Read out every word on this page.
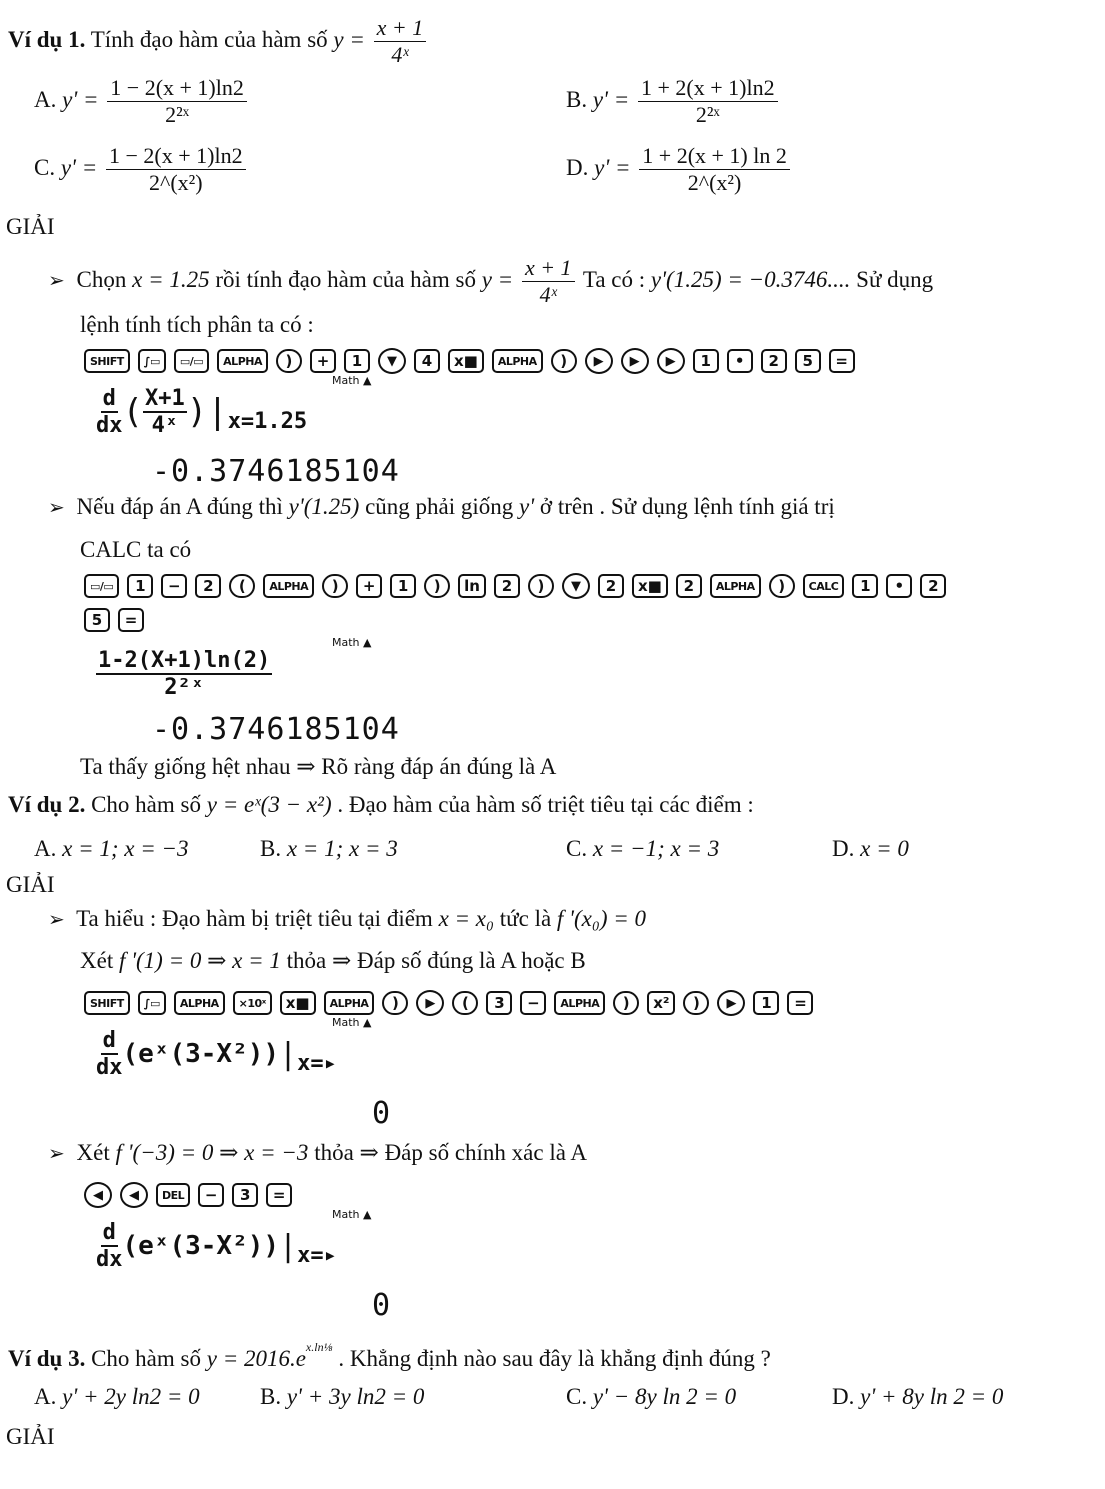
Ví dụ 1. Tính đạo hàm của hàm số $y = \frac{x + 1}{\text{4ˣ}}$
A. $y' = \frac{1 - 2(x + 1)\ln 2}{\text{2²ˣ}}$	B. $y' = \frac{1 + 2(x + 1)\ln 2}{\text{2²ˣ}}$
C. $y' = \frac{1 - 2(x + 1)\ln 2}{\text{2\textasciicircum{}(x²)}}$	D. $y' = \frac{1 + 2(x + 1) \ln 2}{\text{2\textasciicircum{}(x²)}}$
GIẢI
➢ Chọn x = 1.25 rồi tính đạo hàm của hàm số $y = \frac{x + 1}{\text{4ˣ}}$ Ta có : y'(1.25) = −0.3746.... Sử dụng
lệnh tính tích phân ta có :
SHIFT	∫▭	▭/▭	ALPHA	)	+	1	▼	4	x■	ALPHA	)	▶	▶	▶	1	•	2	5	=
Math ▲
d
dx ( $\frac{X+1}{\text{4ˣ}}$ )| x=1.25
-0.3746185104
➢ Nếu đáp án A đúng thì y'(1.25) cũng phải giống y' ở trên . Sử dụng lệnh tính giá trị
CALC ta có
▭/▭	1	−	2	(	ALPHA	)	+	1	)	ln	2	)	▼	2	x■	2	ALPHA	)	CALC	1	•	2
5	=
Math ▲
$\frac{1-2(X+1)\ln(2)}{\text{2²ˣ}}$
-0.3746185104
Ta thấy giống hệt nhau ⇒ Rõ ràng đáp án đúng là A
Ví dụ 2. Cho hàm số y = eˣ(3 − x²) . Đạo hàm của hàm số triệt tiêu tại các điểm :
A. x = 1; x = −3	B. x = 1; x = 3	C. x = −1; x = 3	D. x = 0
GIẢI
➢ Ta hiểu : Đạo hàm bị triệt tiêu tại điểm x = x₀ tức là f '(x₀) = 0
Xét f '(1) = 0 ⇒ x = 1 thỏa ⇒ Đáp số đúng là A hoặc B
SHIFT	∫▭	ALPHA	×10ˣ	x■	ALPHA	)	▶	(	3	−	ALPHA	)	x²	)	▶	1	=
Math ▲
d
dx (eˣ(3-X²)) | x=▸
0
➢ Xét f '(−3) = 0 ⇒ x = −3 thỏa ⇒ Đáp số chính xác là A
◀	◀	DEL	−	3	=
Math ▲
d
dx (eˣ(3-X²)) | x=▸
0
Ví dụ 3. Cho hàm số $y = 2016.e^{x.ln\frac{1}{8}}$ . Khẳng định nào sau đây là khẳng định đúng ?
A. y' + 2y ln2 = 0	B. y' + 3y ln2 = 0	C. y' − 8y ln 2 = 0	D. y' + 8y ln 2 = 0
GIẢI
